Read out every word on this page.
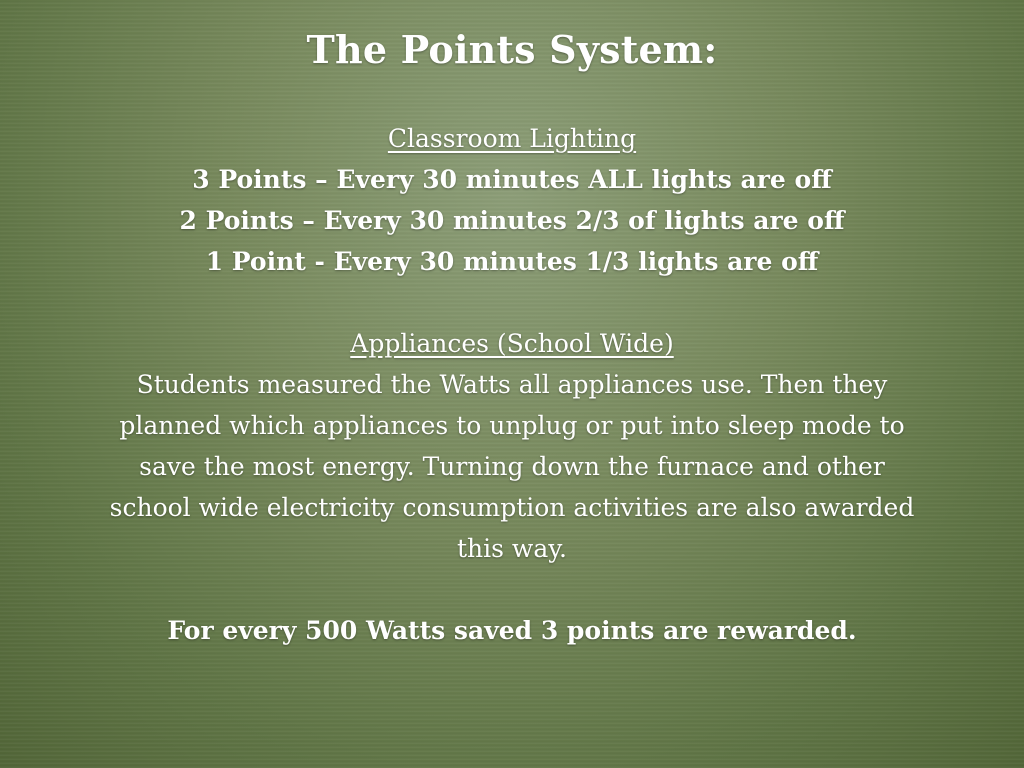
The Points System:
Classroom Lighting
3 Points – Every 30 minutes ALL lights are off
2 Points – Every 30 minutes 2/3 of lights are off
1 Point - Every 30 minutes 1/3 lights are off
Appliances (School Wide)
Students measured the Watts all appliances use. Then they
planned which appliances to unplug or put into sleep mode to
save the most energy. Turning down the furnace and other
school wide electricity consumption activities are also awarded
this way.
For every 500 Watts saved 3 points are rewarded.
